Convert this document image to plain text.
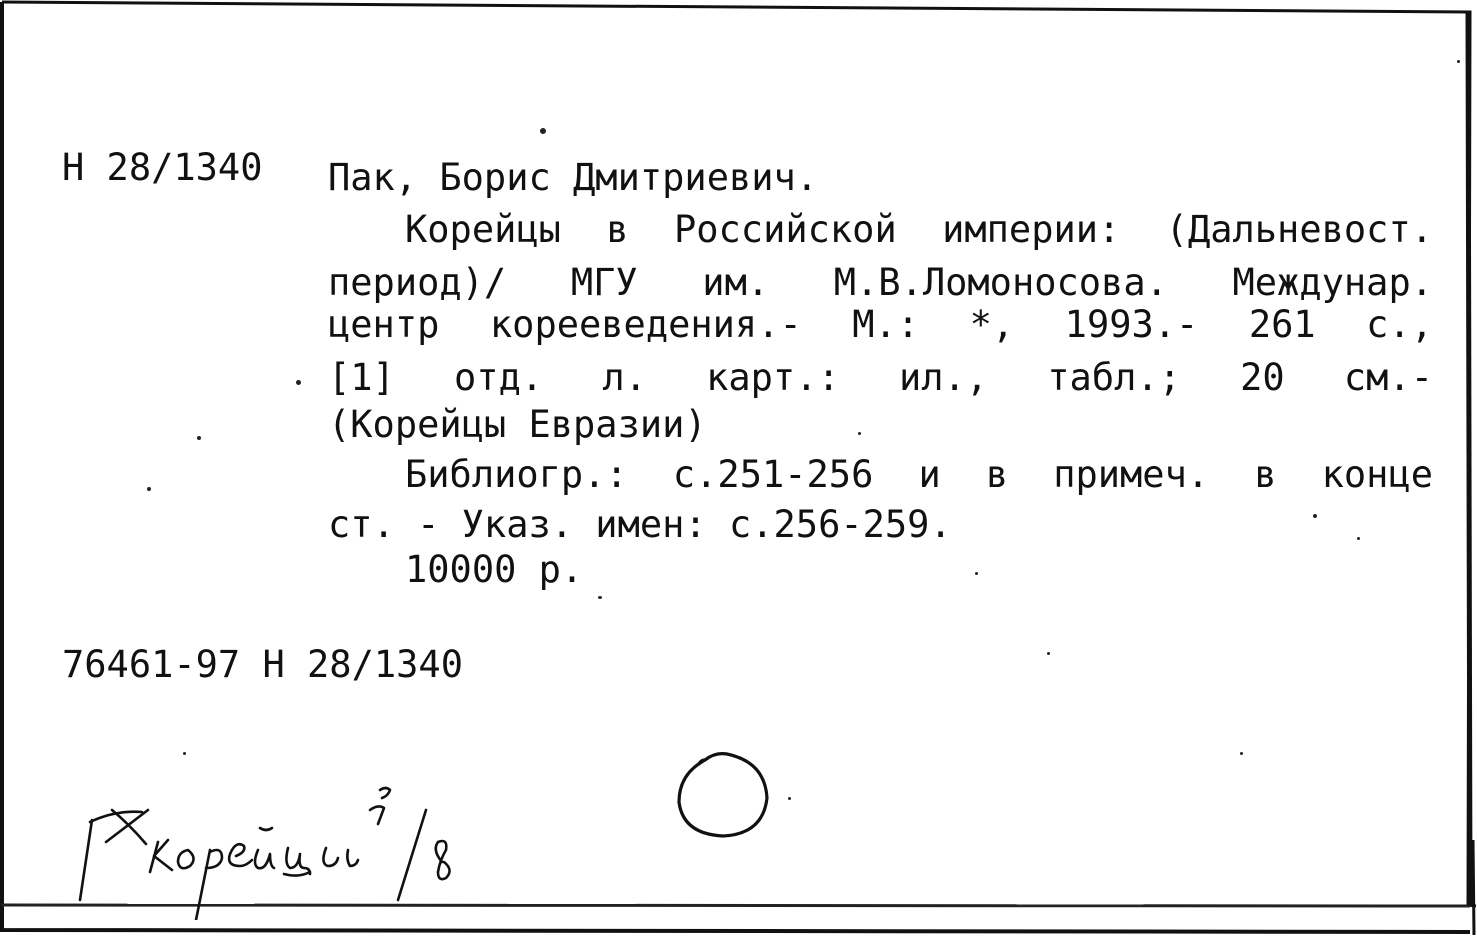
Н 28/1340 Пак, Борис Дмитриевич.
Корейцы в Российской империи: (Дальневост.
период)/ МГУ им. М.В.Ломоносова. Междунар.
центр корееведения.- М.: *, 1993.- 261 с.,
[1] отд. л. карт.: ил., табл.; 20 см.-
(Корейцы Евразии)
Библиогр.: с.251-256 и в примеч. в конце
ст. - Указ. имен: с.256-259.
10000 р.
76461-97 Н 28/1340
